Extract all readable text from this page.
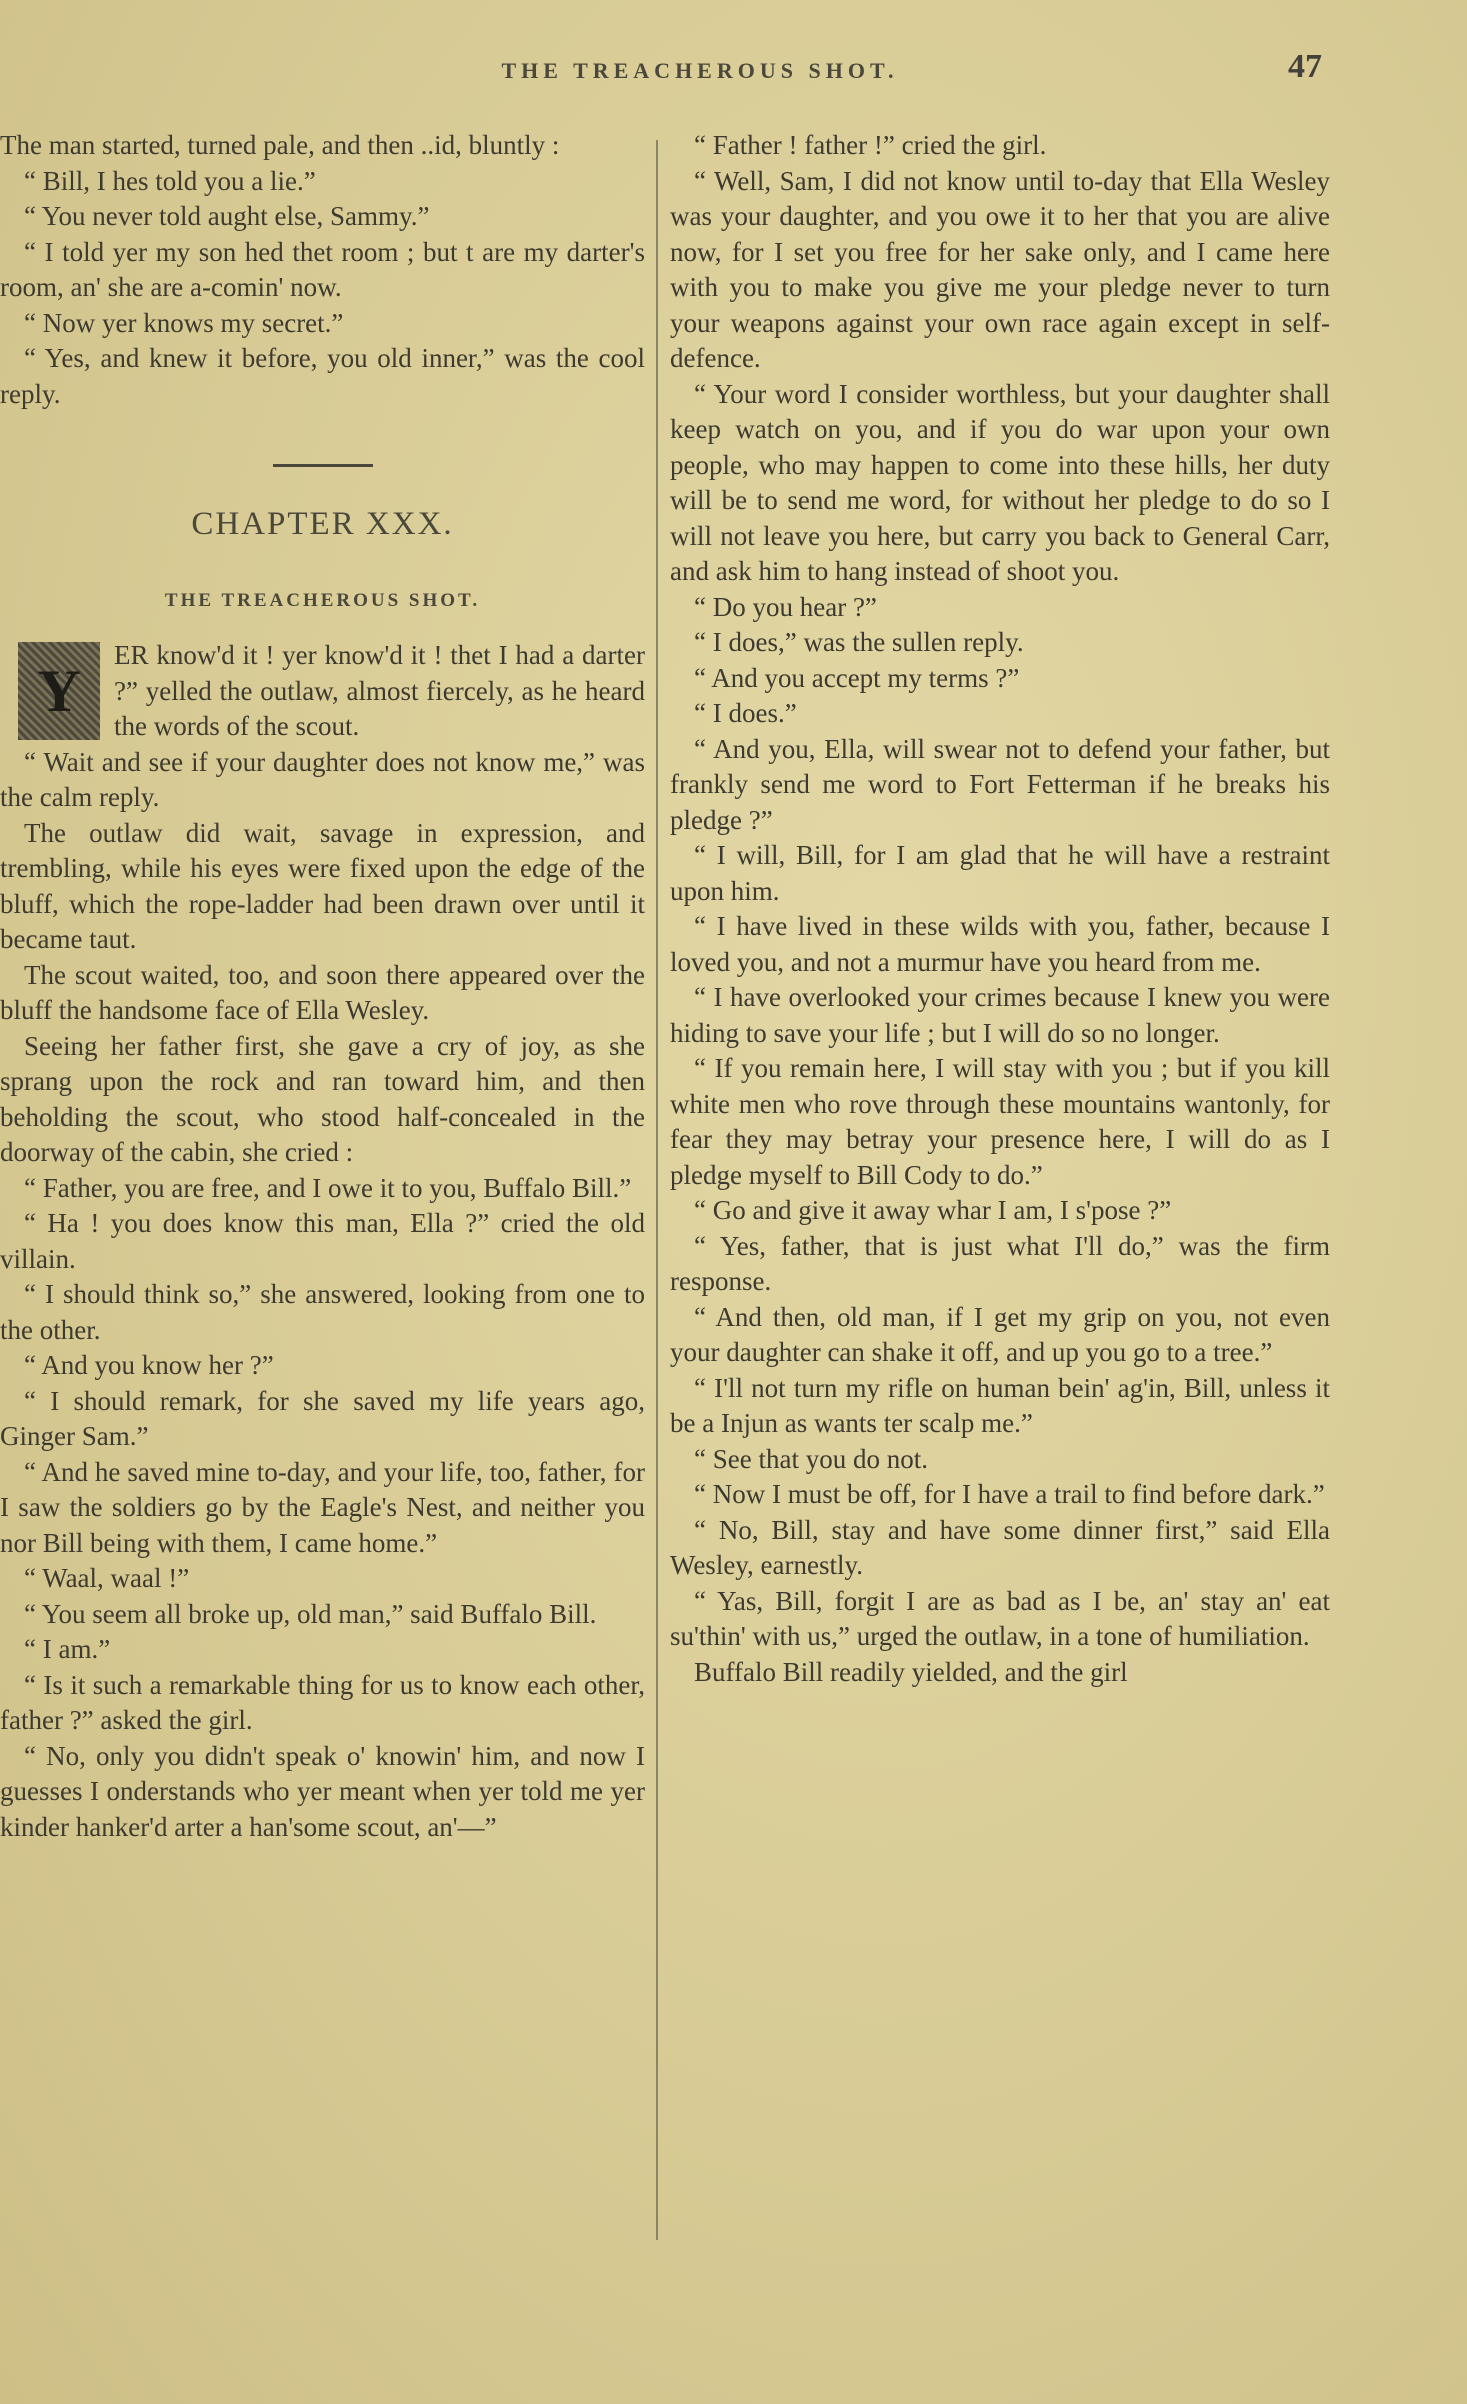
THE TREACHEROUS SHOT.	47

The man started, turned pale, and then ..id, bluntly :

“ Bill, I hes told you a lie.”

“ You never told aught else, Sammy.”

“ I told yer my son hed thet room ; but t are my darter's room, an' she are a-comin' now.

“ Now yer knows my secret.”

“ Yes, and knew it before, you old inner,” was the cool reply.

CHAPTER XXX.
THE TREACHEROUS SHOT.

Y
ER know'd it ! yer know'd it ! thet I had a darter ?” yelled the outlaw, almost fiercely, as he heard the words of the scout.

“ Wait and see if your daughter does not know me,” was the calm reply.

The outlaw did wait, savage in expression, and trembling, while his eyes were fixed upon the edge of the bluff, which the rope-ladder had been drawn over until it became taut.

The scout waited, too, and soon there appeared over the bluff the handsome face of Ella Wesley.

Seeing her father first, she gave a cry of joy, as she sprang upon the rock and ran toward him, and then beholding the scout, who stood half-concealed in the doorway of the cabin, she cried :

“ Father, you are free, and I owe it to you, Buffalo Bill.”

“ Ha ! you does know this man, Ella ?” cried the old villain.

“ I should think so,” she answered, looking from one to the other.

“ And you know her ?”

“ I should remark, for she saved my life years ago, Ginger Sam.”

“ And he saved mine to-day, and your life, too, father, for I saw the soldiers go by the Eagle's Nest, and neither you nor Bill being with them, I came home.”

“ Waal, waal !”

“ You seem all broke up, old man,” said Buffalo Bill.

“ I am.”

“ Is it such a remarkable thing for us to know each other, father ?” asked the girl.

“ No, only you didn't speak o' knowin' him, and now I guesses I onderstands who yer meant when yer told me yer kinder hanker'd arter a han'some scout, an'—”

“ Father ! father !” cried the girl.

“ Well, Sam, I did not know until to-day that Ella Wesley was your daughter, and you owe it to her that you are alive now, for I set you free for her sake only, and I came here with you to make you give me your pledge never to turn your weapons against your own race again except in self-defence.

“ Your word I consider worthless, but your daughter shall keep watch on you, and if you do war upon your own people, who may happen to come into these hills, her duty will be to send me word, for without her pledge to do so I will not leave you here, but carry you back to General Carr, and ask him to hang instead of shoot you.

“ Do you hear ?”

“ I does,” was the sullen reply.

“ And you accept my terms ?”

“ I does.”

“ And you, Ella, will swear not to defend your father, but frankly send me word to Fort Fetterman if he breaks his pledge ?”

“ I will, Bill, for I am glad that he will have a restraint upon him.

“ I have lived in these wilds with you, father, because I loved you, and not a murmur have you heard from me.

“ I have overlooked your crimes because I knew you were hiding to save your life ; but I will do so no longer.

“ If you remain here, I will stay with you ; but if you kill white men who rove through these mountains wantonly, for fear they may betray your presence here, I will do as I pledge myself to Bill Cody to do.”

“ Go and give it away whar I am, I s'pose ?”

“ Yes, father, that is just what I'll do,” was the firm response.

“ And then, old man, if I get my grip on you, not even your daughter can shake it off, and up you go to a tree.”

“ I'll not turn my rifle on human bein' ag'in, Bill, unless it be a Injun as wants ter scalp me.”

“ See that you do not.

“ Now I must be off, for I have a trail to find before dark.”

“ No, Bill, stay and have some dinner first,” said Ella Wesley, earnestly.

“ Yas, Bill, forgit I are as bad as I be, an' stay an' eat su'thin' with us,” urged the outlaw, in a tone of humiliation.

Buffalo Bill readily yielded, and the girl
